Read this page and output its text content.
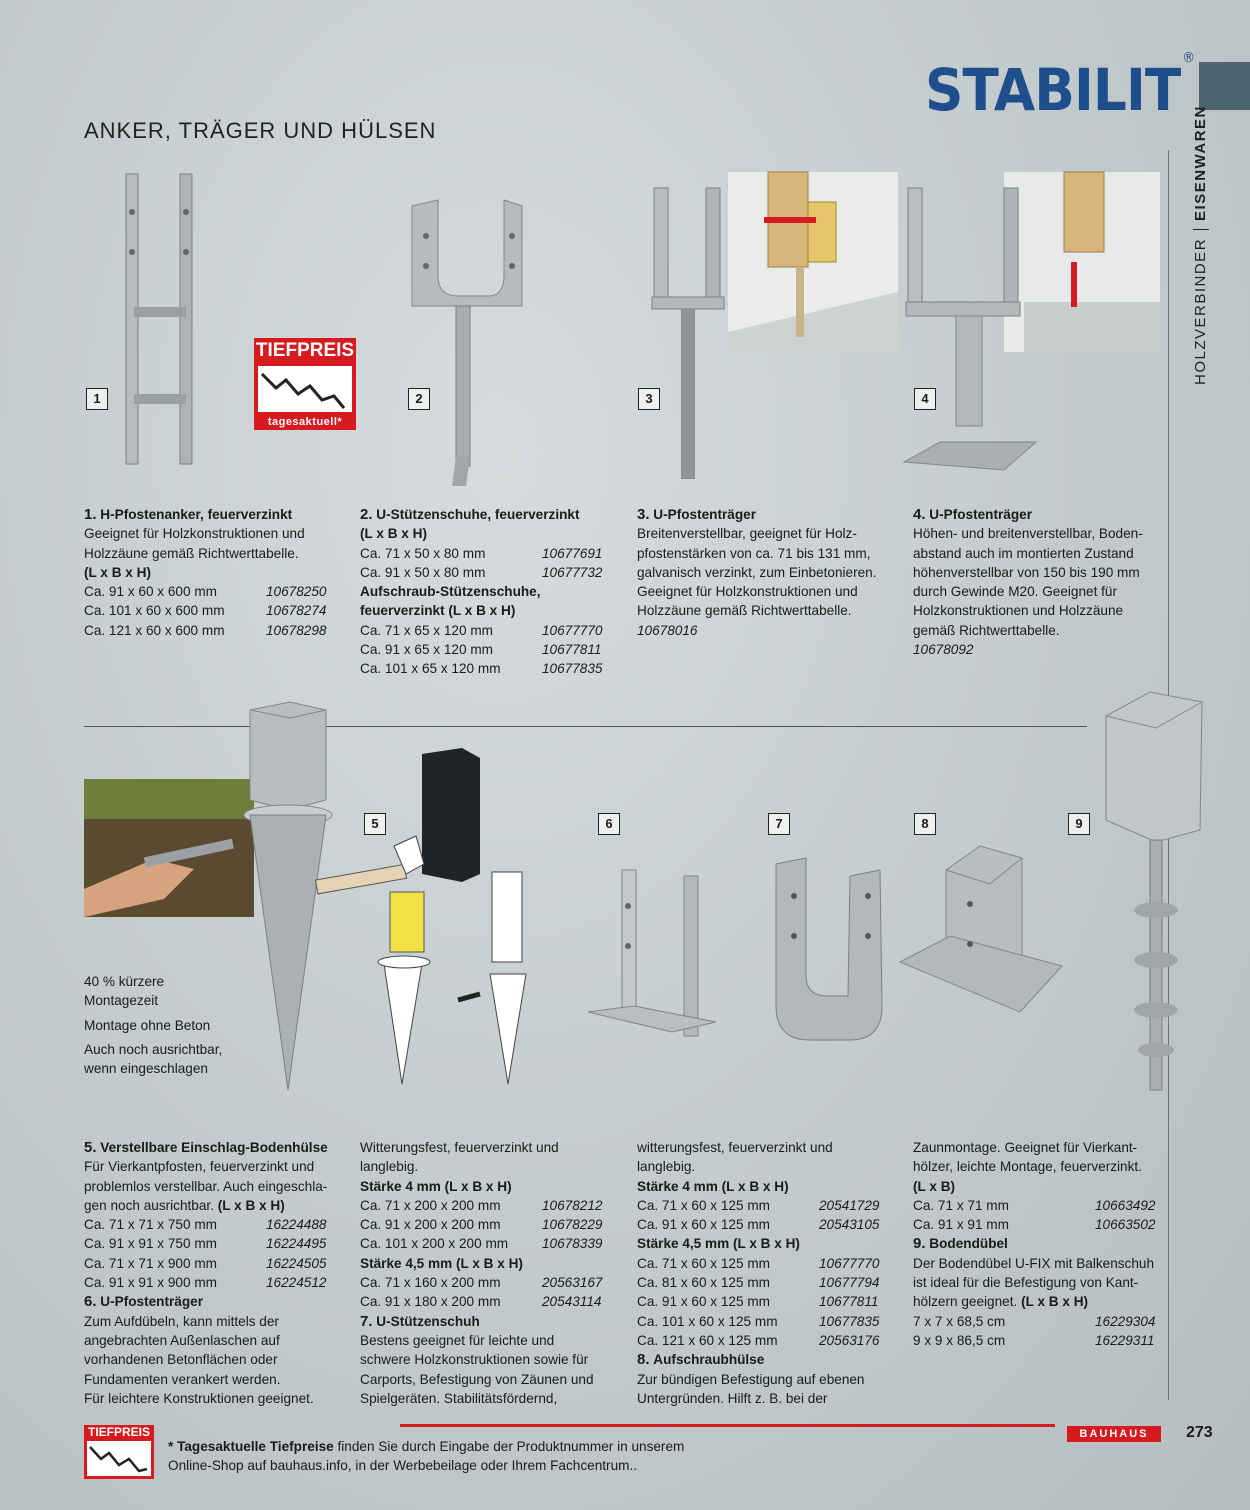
ANKER, TRÄGER UND HÜLSEN
STABILIT ®
HOLZVERBINDEREISENWAREN
1	2	3	4
TIEFPREIS
tagesaktuell*
1. H-Pfostenanker, feuerverzinkt
Geeignet für Holzkonstruktionen und
Holzzäune gemäß Richtwerttabelle.
(L x B x H)
Ca. 91 x 60 x 600 mm	10678250
Ca. 101 x 60 x 600 mm	10678274
Ca. 121 x 60 x 600 mm	10678298
2. U-Stützenschuhe, feuerverzinkt
(L x B x H)
Ca. 71 x 50 x 80 mm	10677691
Ca. 91 x 50 x 80 mm	10677732
Aufschraub-Stützenschuhe,
feuerverzinkt (L x B x H)
Ca. 71 x 65 x 120 mm	10677770
Ca. 91 x 65 x 120 mm	10677811
Ca. 101 x 65 x 120 mm	10677835
3. U-Pfostenträger
Breitenverstellbar, geeignet für Holz-
pfostenstärken von ca. 71 bis 131 mm,
galvanisch verzinkt, zum Einbetonieren.
Geeignet für Holzkonstruktionen und
Holzzäune gemäß Richtwerttabelle.
10678016
4. U-Pfostenträger
Höhen- und breitenverstellbar, Boden-
abstand auch im montierten Zustand
höhenverstellbar von 150 bis 190 mm
durch Gewinde M20. Geeignet für
Holzkonstruktionen und Holzzäune
gemäß Richtwerttabelle.
10678092
5	6	7	8	9
40 % kürzere
Montagezeit
Montage ohne Beton
Auch noch ausrichtbar,
wenn eingeschlagen
5. Verstellbare Einschlag-Bodenhülse
Für Vierkantpfosten, feuerverzinkt und
problemlos verstellbar. Auch eingeschla-
gen noch ausrichtbar. (L x B x H)
Ca. 71 x 71 x 750 mm	16224488
Ca. 91 x 91 x 750 mm	16224495
Ca. 71 x 71 x 900 mm	16224505
Ca. 91 x 91 x 900 mm	16224512
6. U-Pfostenträger
Zum Aufdübeln, kann mittels der
angebrachten Außenlaschen auf
vorhandenen Betonflächen oder
Fundamenten verankert werden.
Für leichtere Konstruktionen geeignet.
Witterungsfest, feuerverzinkt und
langlebig.
Stärke 4 mm (L x B x H)
Ca. 71 x 200 x 200 mm	10678212
Ca. 91 x 200 x 200 mm	10678229
Ca. 101 x 200 x 200 mm	10678339
Stärke 4,5 mm (L x B x H)
Ca. 71 x 160 x 200 mm	20563167
Ca. 91 x 180 x 200 mm	20543114
7. U-Stützenschuh
Bestens geeignet für leichte und
schwere Holzkonstruktionen sowie für
Carports, Befestigung von Zäunen und
Spielgeräten. Stabilitätsfördernd,
witterungsfest, feuerverzinkt und
langlebig.
Stärke 4 mm (L x B x H)
Ca. 71 x 60 x 125 mm	20541729
Ca. 91 x 60 x 125 mm	20543105
Stärke 4,5 mm (L x B x H)
Ca. 71 x 60 x 125 mm	10677770
Ca. 81 x 60 x 125 mm	10677794
Ca. 91 x 60 x 125 mm	10677811
Ca. 101 x 60 x 125 mm	10677835
Ca. 121 x 60 x 125 mm	20563176
8. Aufschraubhülse
Zur bündigen Befestigung auf ebenen
Untergründen. Hilft z. B. bei der
Zaunmontage. Geeignet für Vierkant-
hölzer, leichte Montage, feuerverzinkt.
(L x B)
Ca. 71 x 71 mm	10663492
Ca. 91 x 91 mm	10663502
9. Bodendübel
Der Bodendübel U-FIX mit Balkenschuh
ist ideal für die Befestigung von Kant-
hölzern geeignet. (L x B x H)
7 x 7 x 68,5 cm	16229304
9 x 9 x 86,5 cm	16229311
TIEFPREIS
* Tagesaktuelle Tiefpreise finden Sie durch Eingabe der Produktnummer in unserem
Online-Shop auf bauhaus.info, in der Werbebeilage oder Ihrem Fachcentrum..
BAUHAUS	273
